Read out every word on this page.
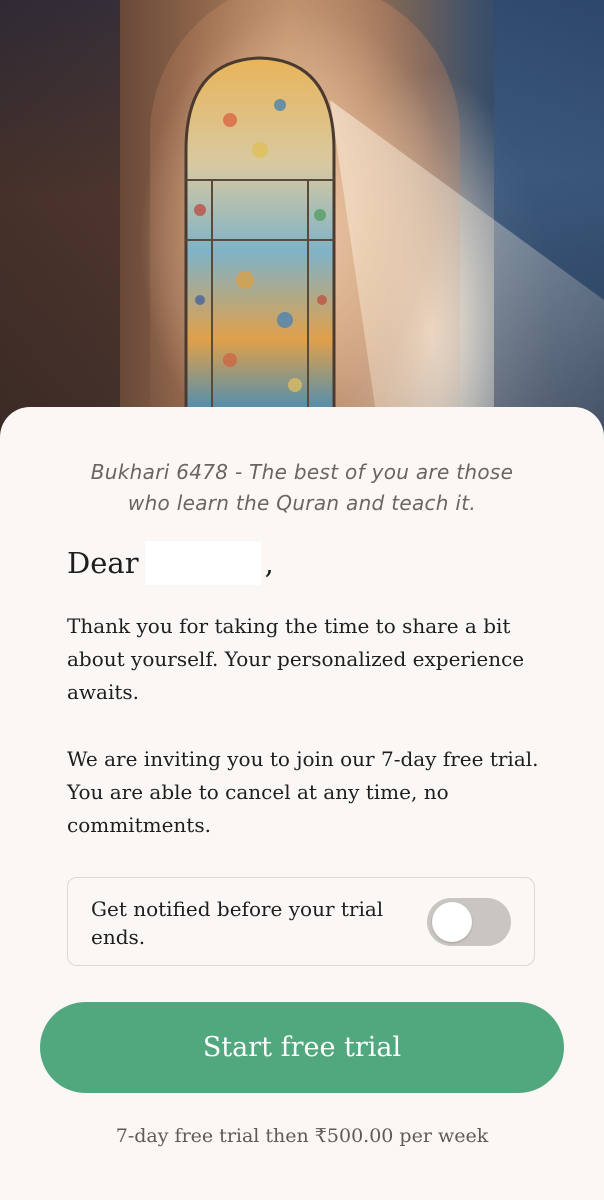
Bukhari 6478 - The best of you are those
who learn the Quran and teach it.
Dear	,
Thank you for taking the time to share a bit about yourself. Your personalized experience awaits.
We are inviting you to join our 7-day free trial. You are able to cancel at any time, no commitments.
Get notified before your trial ends.
Start free trial
7-day free trial then ₹500.00 per week
